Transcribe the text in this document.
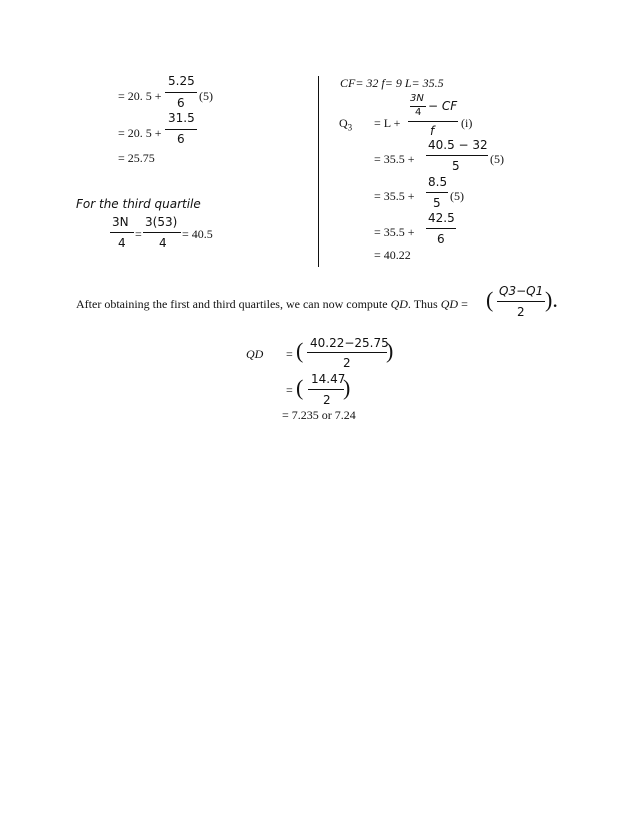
= 20. 5 +
5.25
6 (5)
= 20. 5 +
31.5
6
= 25.75
For the third quartile
3N
4
=
3(53)
4
= 40.5
CF= 32 f= 9 L= 35.5
$Q_3 = L$ +
3N
4 − CF
f
(i)
= 35.5 +
40.5 − 32
5	(5)
= 35.5 +
8.5
5 (5)
= 35.5 +
42.5
6
= 40.22
After obtaining the first and third quartiles, we can now compute QD. Thus QD = ( Q3−Q1
2 ).
QD = ( 40.22−25.75
2 )
= ( 14.47
2 )
= 7.235 or 7.24
